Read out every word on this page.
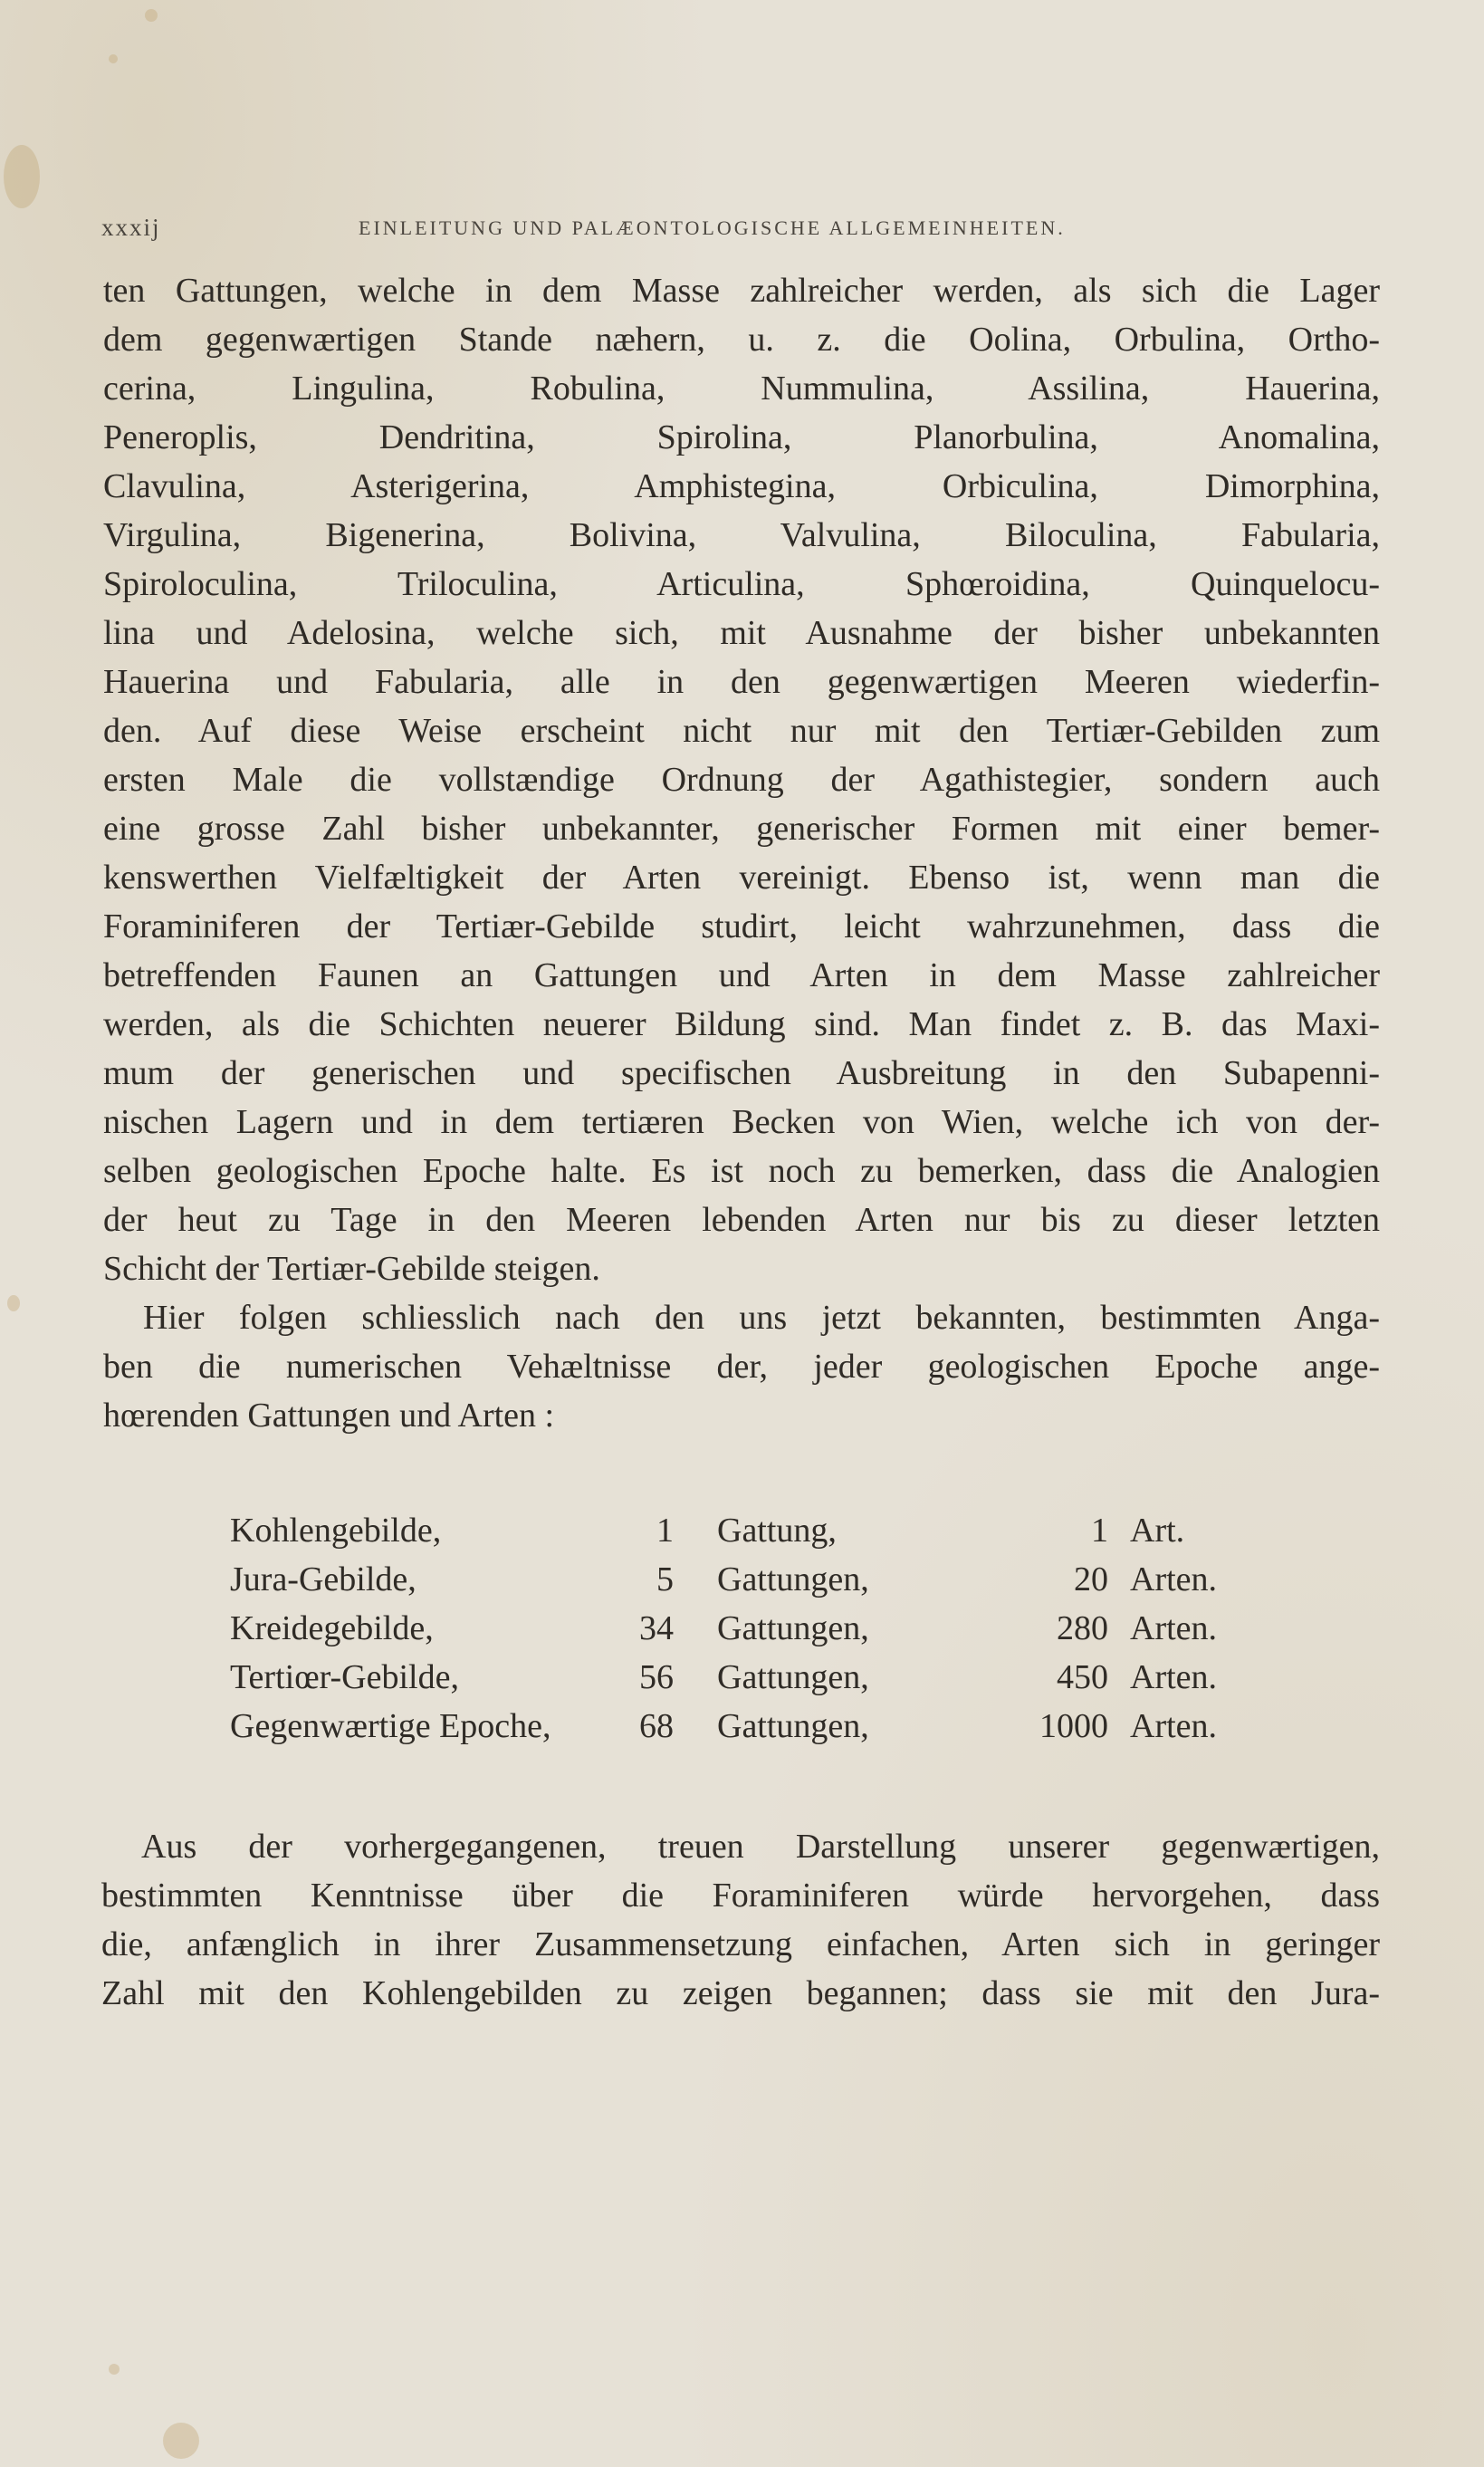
xxxij	EINLEITUNG UND PALÆONTOLOGISCHE ALLGEMEINHEITEN.
ten Gattungen, welche in dem Masse zahlreicher werden, als sich die Lager
dem gegenwærtigen Stande næhern, u. z. die Oolina, Orbulina, Ortho-
cerina, Lingulina, Robulina, Nummulina, Assilina, Hauerina,
Peneroplis, Dendritina, Spirolina, Planorbulina, Anomalina,
Clavulina, Asterigerina, Amphistegina, Orbiculina, Dimorphina,
Virgulina, Bigenerina, Bolivina, Valvulina, Biloculina, Fabularia,
Spiroloculina, Triloculina, Articulina, Sphœroidina, Quinquelocu-
lina und Adelosina, welche sich, mit Ausnahme der bisher unbekannten
Hauerina und Fabularia, alle in den gegenwærtigen Meeren wiederfin-
den. Auf diese Weise erscheint nicht nur mit den Tertiær-Gebilden zum
ersten Male die vollstændige Ordnung der Agathistegier, sondern auch
eine grosse Zahl bisher unbekannter, generischer Formen mit einer bemer-
kenswerthen Vielfæltigkeit der Arten vereinigt. Ebenso ist, wenn man die
Foraminiferen der Tertiær-Gebilde studirt, leicht wahrzunehmen, dass die
betreffenden Faunen an Gattungen und Arten in dem Masse zahlreicher
werden, als die Schichten neuerer Bildung sind. Man findet z. B. das Maxi-
mum der generischen und specifischen Ausbreitung in den Subapenni-
nischen Lagern und in dem tertiæren Becken von Wien, welche ich von der-
selben geologischen Epoche halte. Es ist noch zu bemerken, dass die Analogien
der heut zu Tage in den Meeren lebenden Arten nur bis zu dieser letzten
Schicht der Tertiær-Gebilde steigen.
Hier folgen schliesslich nach den uns jetzt bekannten, bestimmten Anga-
ben die numerischen Vehæltnisse der, jeder geologischen Epoche ange-
hœrenden Gattungen und Arten :
Kohlengebilde,	1 Gattung,	1 Art.
Jura-Gebilde,	5 Gattungen,	20 Arten.
Kreidegebilde,	34 Gattungen,	280 Arten.
Tertiœr-Gebilde,	56 Gattungen,	450 Arten.
Gegenwærtige Epoche,	68 Gattungen,	1000 Arten.
Aus der vorhergegangenen, treuen Darstellung unserer gegenwærtigen,
bestimmten Kenntnisse über die Foraminiferen würde hervorgehen, dass
die, anfænglich in ihrer Zusammensetzung einfachen, Arten sich in geringer
Zahl mit den Kohlengebilden zu zeigen begannen; dass sie mit den Jura-
